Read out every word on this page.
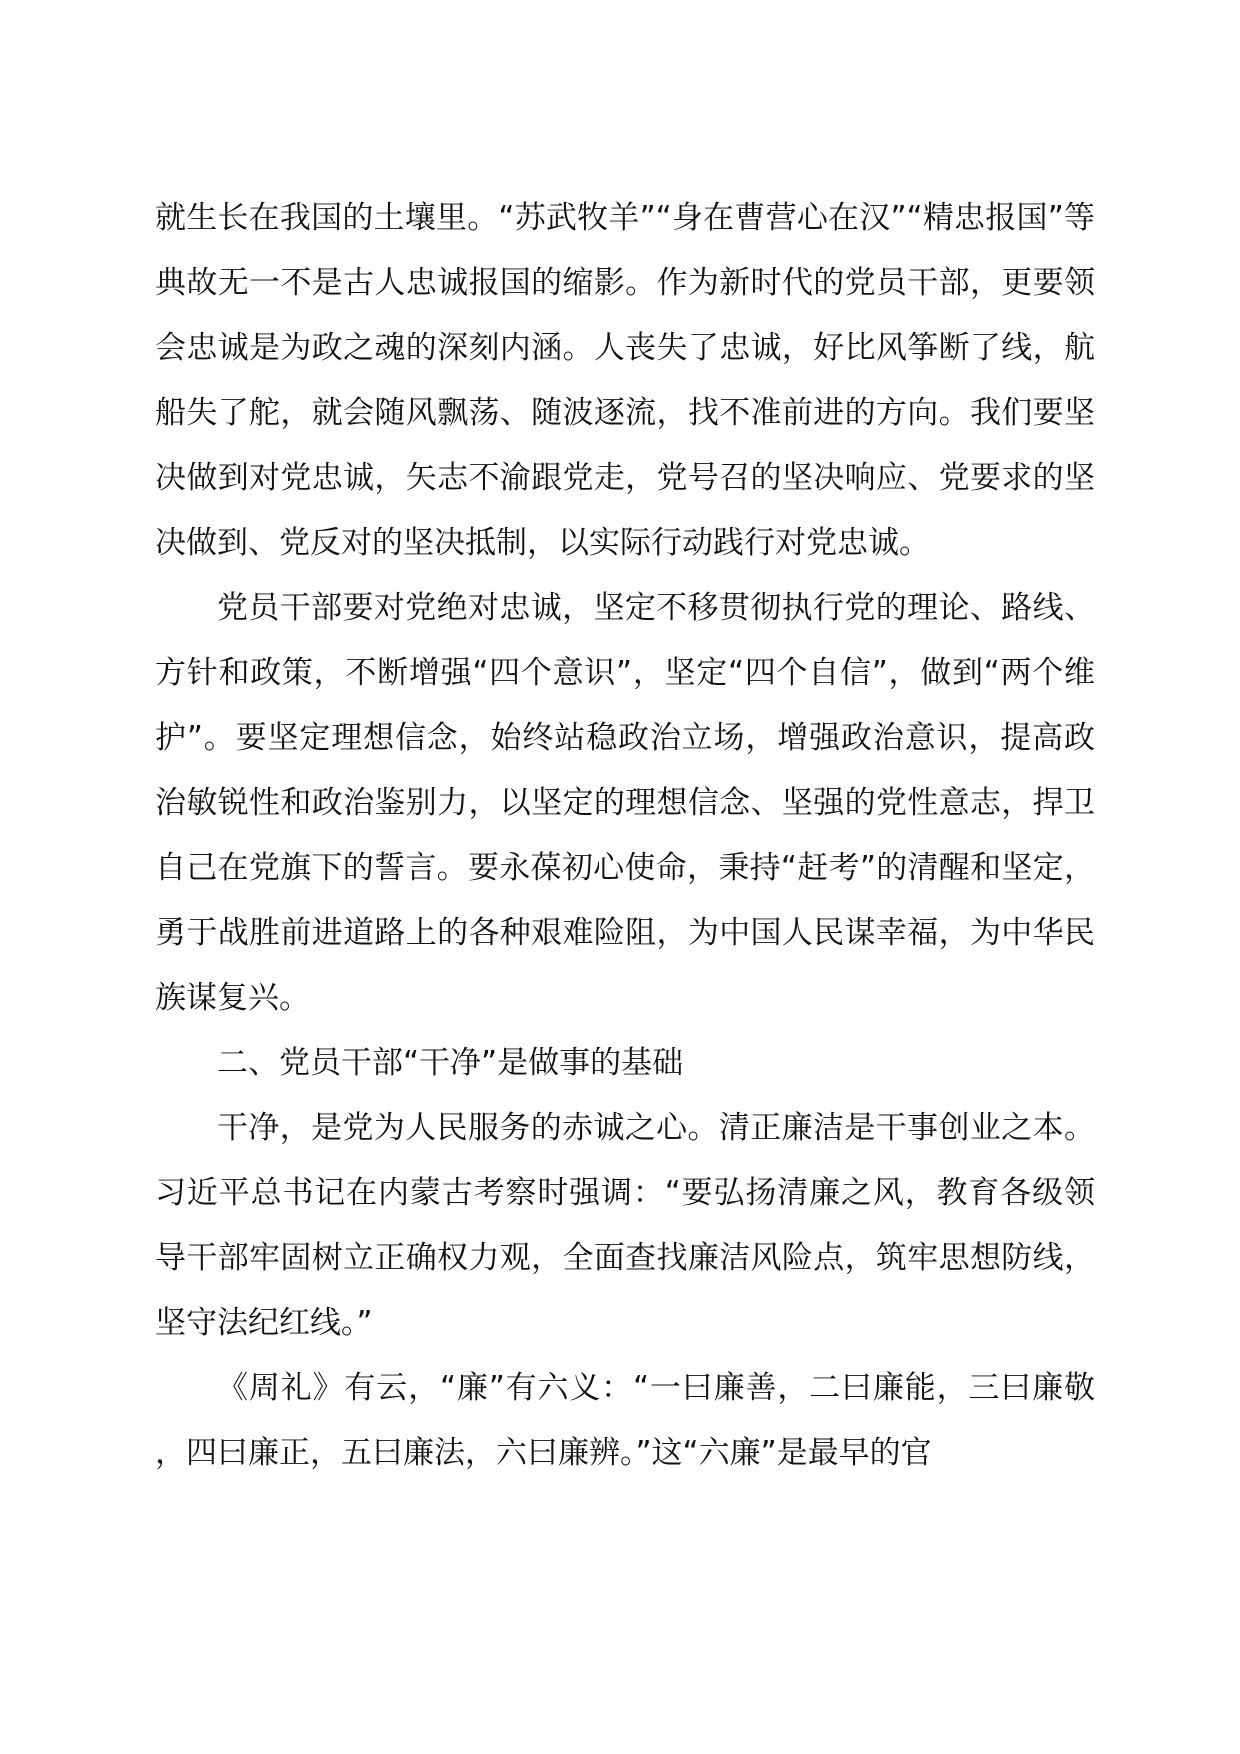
就生长在我国的土壤里。“苏武牧羊”“身在曹营心在汉”“精忠报国”等典故无一不是古人忠诚报国的缩影。作为新时代的党员干部，更要领会忠诚是为政之魂的深刻内涵。人丧失了忠诚，好比风筝断了线，航船失了舵，就会随风飘荡、随波逐流，找不准前进的方向。我们要坚决做到对党忠诚，矢志不渝跟党走，党号召的坚决响应、党要求的坚决做到、党反对的坚决抵制，以实际行动践行对党忠诚。

党员干部要对党绝对忠诚，坚定不移贯彻执行党的理论、路线、方针和政策，不断增强“四个意识”，坚定“四个自信”，做到“两个维护”。要坚定理想信念，始终站稳政治立场，增强政治意识，提高政治敏锐性和政治鉴别力，以坚定的理想信念、坚强的党性意志，捍卫自己在党旗下的誓言。要永葆初心使命，秉持“赶考”的清醒和坚定，勇于战胜前进道路上的各种艰难险阻，为中国人民谋幸福，为中华民族谋复兴。

二、党员干部“干净”是做事的基础

干净，是党为人民服务的赤诚之心。清正廉洁是干事创业之本。习近平总书记在内蒙古考察时强调：“要弘扬清廉之风，教育各级领导干部牢固树立正确权力观，全面查找廉洁风险点，筑牢思想防线，坚守法纪红线。”

《周礼》有云，“廉”有六义：“一曰廉善，二曰廉能，三曰廉敬，四曰廉正，五曰廉法，六曰廉辨。”这“六廉”是最早的官
